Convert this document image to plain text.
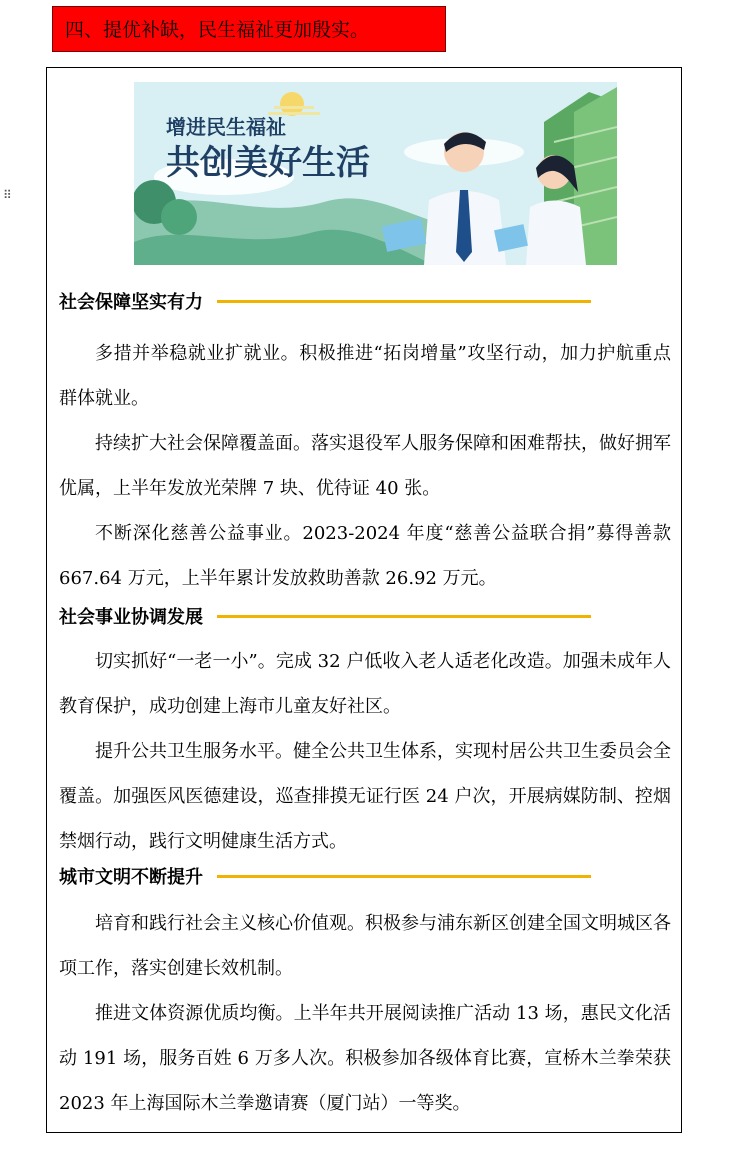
四、提优补缺，民生福祉更加殷实。
⠿
增进民生福祉
共创美好生活
社会保障坚实有力

多措并举稳就业扩就业。积极推进“拓岗增量”攻坚行动，加力护航重点群体就业。

持续扩大社会保障覆盖面。落实退役军人服务保障和困难帮扶，做好拥军优属，上半年发放光荣牌 7 块、优待证 40 张。

不断深化慈善公益事业。2023-2024 年度“慈善公益联合捐”募得善款 667.64 万元，上半年累计发放救助善款 26.92 万元。

社会事业协调发展

切实抓好“一老一小”。完成 32 户低收入老人适老化改造。加强未成年人教育保护，成功创建上海市儿童友好社区。

提升公共卫生服务水平。健全公共卫生体系，实现村居公共卫生委员会全覆盖。加强医风医德建设，巡查排摸无证行医 24 户次，开展病媒防制、控烟禁烟行动，践行文明健康生活方式。

城市文明不断提升

培育和践行社会主义核心价值观。积极参与浦东新区创建全国文明城区各项工作，落实创建长效机制。

推进文体资源优质均衡。上半年共开展阅读推广活动 13 场，惠民文化活动 191 场，服务百姓 6 万多人次。积极参加各级体育比赛，宣桥木兰拳荣获 2023 年上海国际木兰拳邀请赛（厦门站）一等奖。
